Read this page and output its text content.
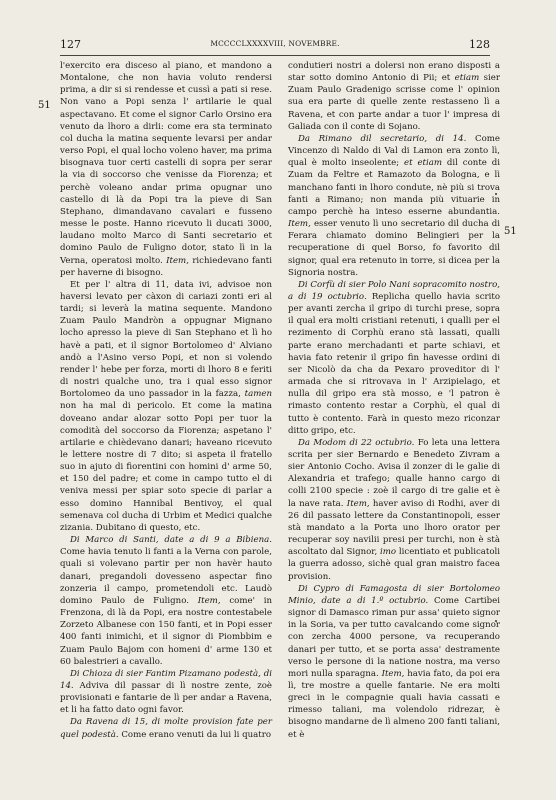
127	MCCCCLXXXXVIII, NOVEMBRE.	128
51
51

l'exercito era disceso al piano, et mandono a Montalone, che non havia voluto rendersi prima, a dir si si rendesse et cussì a pati si rese. Non vano a Popi senza l' artilarie le qual aspectavano. Et come el signor Carlo Orsino era venuto da lhoro a dirli: come era sta terminato col ducha la matina sequente levarsi per andar verso Popi, el qual locho voleno haver, ma prima bisognava tuor certi castelli di sopra per serar la via di soccorso che venisse da Fiorenza; et perchè voleano andar prima opugnar uno castello di là da Popi tra la pieve di San Stephano, dimandavano cavalari e fusseno messe le poste. Hanno ricevuto li ducati 3000, laudano molto Marco di Santi secretario et domino Paulo de Fuligno dotor, stato lì in la Verna, operatosi molto. Item, richiedevano fanti per haverne di bisogno.

Et per l' altra di 11, data ivi, advisoe non haversi levato per càxon di cariazi zonti eri al tardi; si leverà la matina sequente. Mandono Zuam Paulo Mandròn a oppugnar Mignano locho apresso la pieve di San Stephano et lì ho havè a pati, et il signor Bortolomeo d' Alviano andò a l'Asino verso Popi, et non si volendo render l' hebe per forza, morti di lhoro 8 e feriti di nostri qualche uno, tra i qual esso signor Bortolomeo da uno passador in la fazza, tamen non ha mal di pericolo. Et come la matina doveano andar alozar sotto Popi per tuor la comodità del soccorso da Fiorenza; aspetano l' artilarie e chièdevano danari; haveano ricevuto le lettere nostre di 7 dito; si aspeta il fratello suo in ajuto di fiorentini con homini d' arme 50, et 150 del padre; et come in campo tutto el di veniva messi per spiar soto specie di parlar a esso domino Hannibal Bentivoy, el qual semenava col ducha di Urbim et Medici qualche zizania. Dubitano di questo, etc.

Di Marco di Santi, date a di 9 a Bibiena. Come havia tenuto li fanti a la Verna con parole, quali si volevano partir per non havèr hauto danari, pregandoli dovesseno aspectar fino zonzeria il campo, prometendoli etc. Laudò domino Paulo de Fuligno. Item, come' in Frenzona, di là da Popi, era nostre contestabele Zorzeto Albanese con 150 fanti, et in Popi esser 400 fanti inimichi, et il signor di Piombbim e Zuam Paulo Bajom con homeni d' arme 130 et 60 balestrieri a cavallo.

Di Chioza di sier Fantim Pizamano podestà, di 14. Adviva dil passar di lì nostre zente, zoè provisionati e fantarie de lì per andar a Ravena, et li ha fatto dato ogni favor.

Da Ravena di 15, di molte provision fate per quel podestà. Come erano venuti da lui li quatro

condutieri nostri a dolersi non erano disposti a star sotto domino Antonio di Pii; et etiam sier Zuam Paulo Gradenigo scrisse come l' opinion sua era parte di quelle zente restasseno lì a Ravena, et con parte andar a tuor l' impresa di Galiada con il conte di Sojano.

Da Rimano dil secretario, di 14. Come Vincenzo di Naldo di Val di Lamon era zonto lì, qual è molto inseolente; et etiam dil conte di Zuam da Feltre et Ramazoto da Bologna, e lì manchano fanti in lhoro condute, nè più si trova fanti a Rimano; non manda più vituarie in campo perchè ha inteso esserne abundantia. Item, esser venuto lì uno secretario dil ducha di Ferara chiamato domino Belingieri per la recuperatione di quel Borso, fo favorito dil signor, qual era retenuto in torre, si dicea per la Signoria nostra.

Di Corfù di sier Polo Nani sopracomito nostro, a di 19 octubrio. Replicha quello havia scrito per avanti zercha il gripo di turchi prese, sopra il qual era molti cristiani retenuti, i qualli per el rezimento di Corphù erano stà lassati, qualli parte erano merchadanti et parte schiavi, et havia fato retenir il gripo fin havesse ordini di ser Nicolò da cha da Pexaro proveditor di l' armada che si ritrovava in l' Arzipielago, et nulla dil gripo era stà mosso, e 'l patron è rimasto contento restar a Corphù, el qual di tutto è contento. Farà in questo mezo riconzar ditto gripo, etc.

Da Modom di 22 octubrio. Fo leta una lettera scrita per sier Bernardo e Benedeto Zivram a sier Antonio Cocho. Avisa il zonzer di le galie di Alexandria et trafego; qualle hanno cargo di colli 2100 specie : zoè il cargo di tre galie et è la nave rata. Item, haver aviso di Rodhi, aver di 26 dil passato lettere da Constantinopoli, esser stà mandato a la Porta uno lhoro orator per recuperar soy navilii presi per turchi, non è stà ascoltato dal Signor, imo licentiato et publicatoli la guerra adosso, sichè qual gran maistro facea provision.

Di Cypro di Famagosta di sier Bortolomeo Minio, date a di 1.º octubrio. Come Cartibei signor di Damasco riman pur assa' quieto signor in la Soria, va per tutto cavalcando come signor con zercha 4000 persone, va recuperando danari per tutto, et se porta assa' destramente verso le persone di la natione nostra, ma verso mori nulla sparagna. Item, havia fato, da poi era lì, tre mostre a quelle fantarie. Ne era molti greci in le compagnie quali havia cassati e rimesso taliani, ma volendolo ridrezar, è bisogno mandarne de lì almeno 200 fanti taliani, et è
